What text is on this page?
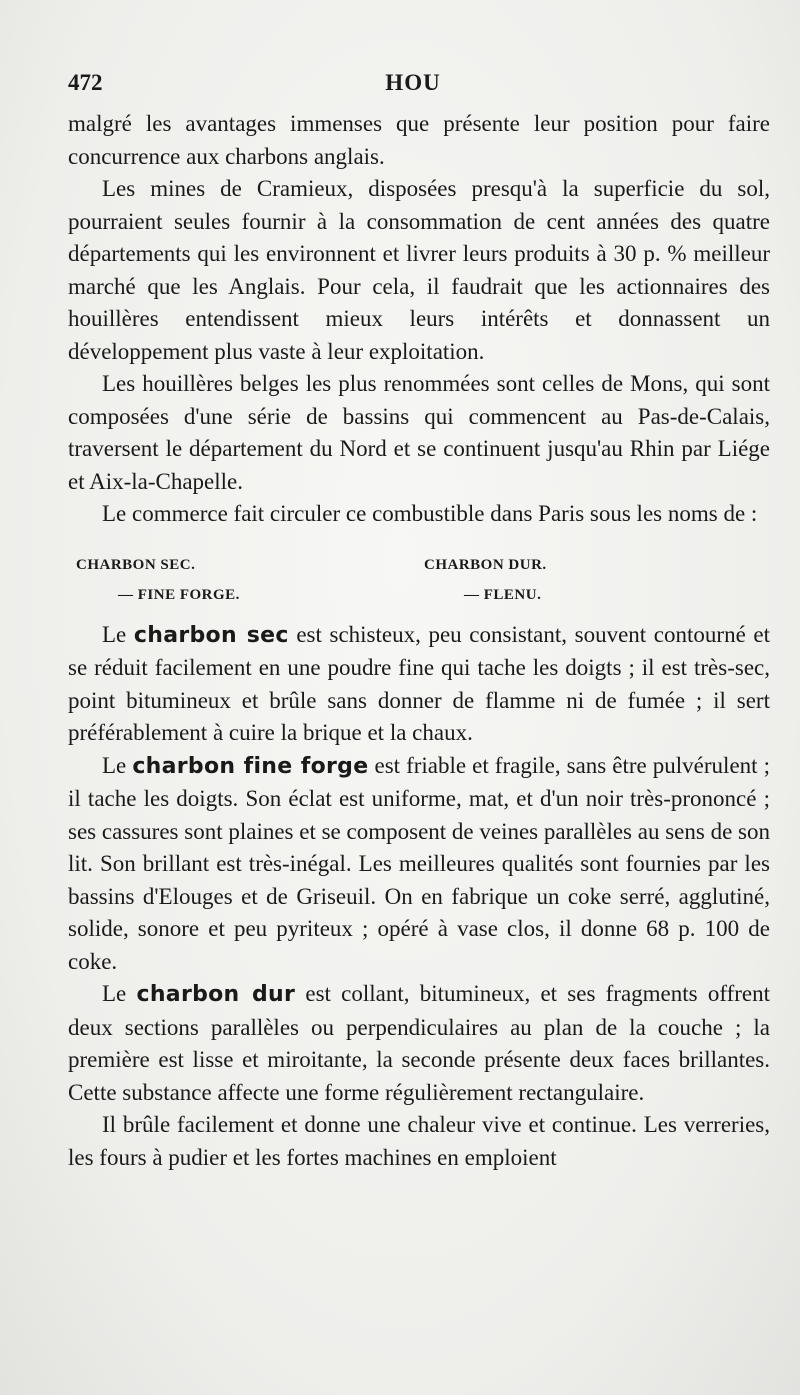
472	HOU

malgré les avantages immenses que présente leur position pour faire concurrence aux charbons anglais.

Les mines de Cramieux, disposées presqu'à la superficie du sol, pourraient seules fournir à la consommation de cent années des quatre départements qui les environnent et livrer leurs produits à 30 p. % meilleur marché que les Anglais. Pour cela, il faudrait que les actionnaires des houillères entendissent mieux leurs intérêts et donnassent un développement plus vaste à leur exploitation.

Les houillères belges les plus renommées sont celles de Mons, qui sont composées d'une série de bassins qui commencent au Pas-de-Calais, traversent le département du Nord et se continuent jusqu'au Rhin par Liége et Aix-la-Chapelle.

Le commerce fait circuler ce combustible dans Paris sous les noms de :

CHARBON SEC.	CHARBON DUR.
— FINE FORGE.	— FLENU.

Le charbon sec est schisteux, peu consistant, souvent contourné et se réduit facilement en une poudre fine qui tache les doigts ; il est très-sec, point bitumineux et brûle sans donner de flamme ni de fumée ; il sert préférablement à cuire la brique et la chaux.

Le charbon fine forge est friable et fragile, sans être pulvérulent ; il tache les doigts. Son éclat est uniforme, mat, et d'un noir très-prononcé ; ses cassures sont plaines et se composent de veines parallèles au sens de son lit. Son brillant est très-inégal. Les meilleures qualités sont fournies par les bassins d'Elouges et de Griseuil. On en fabrique un coke serré, agglutiné, solide, sonore et peu pyriteux ; opéré à vase clos, il donne 68 p. 100 de coke.

Le charbon dur est collant, bitumineux, et ses fragments offrent deux sections parallèles ou perpendiculaires au plan de la couche ; la première est lisse et miroitante, la seconde présente deux faces brillantes. Cette substance affecte une forme régulièrement rectangulaire.

Il brûle facilement et donne une chaleur vive et continue. Les verreries, les fours à pudier et les fortes machines en emploient
